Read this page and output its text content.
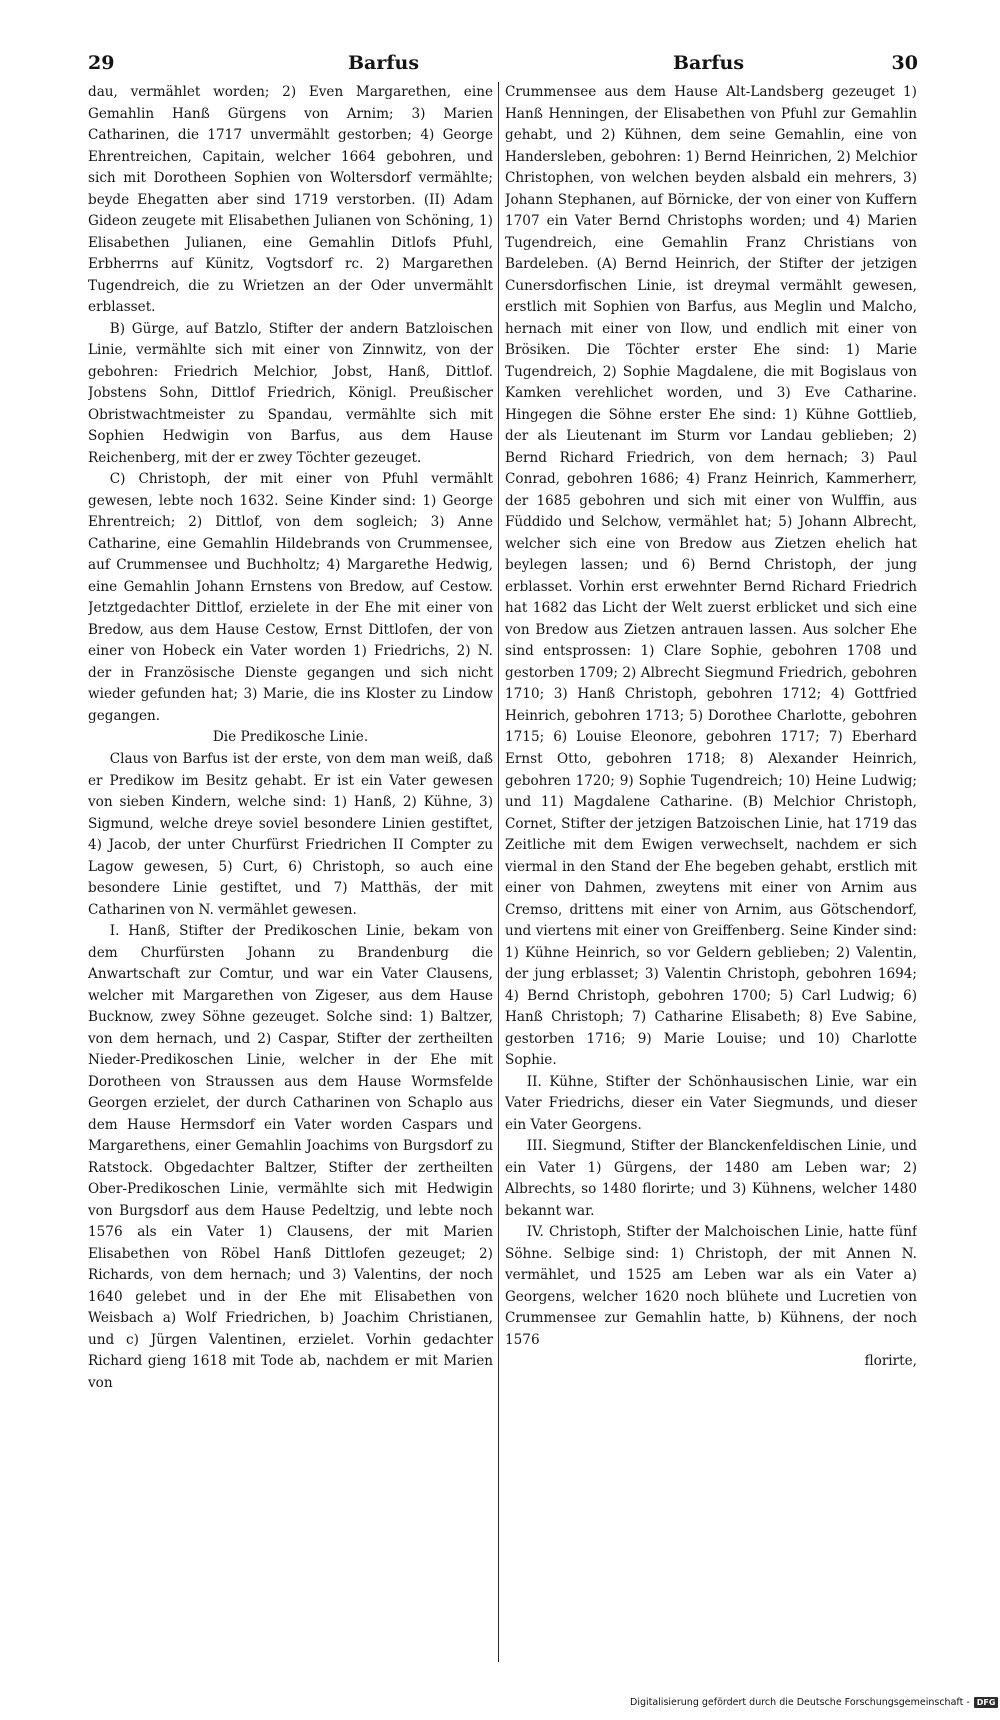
29	Barfus	Barfus	30

dau, vermählet worden; 2) Even Margarethen, eine Gemahlin Hanß Gürgens von Arnim; 3) Marien Catharinen, die 1717 unvermählt gestorben; 4) George Ehrentreichen, Capitain, welcher 1664 gebohren, und sich mit Dorotheen Sophien von Woltersdorf vermählte; beyde Ehegatten aber sind 1719 verstorben. (II) Adam Gideon zeugete mit Elisabethen Julianen von Schöning, 1) Elisabethen Julianen, eine Gemahlin Ditlofs Pfuhl, Erbherrns auf Künitz, Vogtsdorf rc. 2) Margarethen Tugendreich, die zu Wrietzen an der Oder unvermählt erblasset.

B) Gürge, auf Batzlo, Stifter der andern Batzloischen Linie, vermählte sich mit einer von Zinnwitz, von der gebohren: Friedrich Melchior, Jobst, Hanß, Dittlof. Jobstens Sohn, Dittlof Friedrich, Königl. Preußischer Obristwachtmeister zu Spandau, vermählte sich mit Sophien Hedwigin von Barfus, aus dem Hause Reichenberg, mit der er zwey Töchter gezeuget.

C) Christoph, der mit einer von Pfuhl vermählt gewesen, lebte noch 1632. Seine Kinder sind: 1) George Ehrentreich; 2) Dittlof, von dem sogleich; 3) Anne Catharine, eine Gemahlin Hildebrands von Crummensee, auf Crummensee und Buchholtz; 4) Margarethe Hedwig, eine Gemahlin Johann Ernstens von Bredow, auf Cestow. Jetztgedachter Dittlof, erzielete in der Ehe mit einer von Bredow, aus dem Hause Cestow, Ernst Dittlofen, der von einer von Hobeck ein Vater worden 1) Friedrichs, 2) N. der in Französische Dienste gegangen und sich nicht wieder gefunden hat; 3) Marie, die ins Kloster zu Lindow gegangen.

Die Predikosche Linie.

Claus von Barfus ist der erste, von dem man weiß, daß er Predikow im Besitz gehabt. Er ist ein Vater gewesen von sieben Kindern, welche sind: 1) Hanß, 2) Kühne, 3) Sigmund, welche dreye soviel besondere Linien gestiftet, 4) Jacob, der unter Churfürst Friedrichen II Compter zu Lagow gewesen, 5) Curt, 6) Christoph, so auch eine besondere Linie gestiftet, und 7) Matthäs, der mit Catharinen von N. vermählet gewesen.

I. Hanß, Stifter der Predikoschen Linie, bekam von dem Churfürsten Johann zu Brandenburg die Anwartschaft zur Comtur, und war ein Vater Clausens, welcher mit Margarethen von Zigeser, aus dem Hause Bucknow, zwey Söhne gezeuget. Solche sind: 1) Baltzer, von dem hernach, und 2) Caspar, Stifter der zertheilten Nieder-Predikoschen Linie, welcher in der Ehe mit Dorotheen von Straussen aus dem Hause Wormsfelde Georgen erzielet, der durch Catharinen von Schaplo aus dem Hause Hermsdorf ein Vater worden Caspars und Margarethens, einer Gemahlin Joachims von Burgsdorf zu Ratstock. Obgedachter Baltzer, Stifter der zertheilten Ober-Predikoschen Linie, vermählte sich mit Hedwigin von Burgsdorf aus dem Hause Pedeltzig, und lebte noch 1576 als ein Vater 1) Clausens, der mit Marien Elisabethen von Röbel Hanß Dittlofen gezeuget; 2) Richards, von dem hernach; und 3) Valentins, der noch 1640 gelebet und in der Ehe mit Elisabethen von Weisbach a) Wolf Friedrichen, b) Joachim Christianen, und c) Jürgen Valentinen, erzielet. Vorhin gedachter Richard gieng 1618 mit Tode ab, nachdem er mit Marien von

Crummensee aus dem Hause Alt-Landsberg gezeuget 1) Hanß Henningen, der Elisabethen von Pfuhl zur Gemahlin gehabt, und 2) Kühnen, dem seine Gemahlin, eine von Handersleben, gebohren: 1) Bernd Heinrichen, 2) Melchior Christophen, von welchen beyden alsbald ein mehrers, 3) Johann Stephanen, auf Börnicke, der von einer von Kuffern 1707 ein Vater Bernd Christophs worden; und 4) Marien Tugendreich, eine Gemahlin Franz Christians von Bardeleben. (A) Bernd Heinrich, der Stifter der jetzigen Cunersdorfischen Linie, ist dreymal vermählt gewesen, erstlich mit Sophien von Barfus, aus Meglin und Malcho, hernach mit einer von Ilow, und endlich mit einer von Brösiken. Die Töchter erster Ehe sind: 1) Marie Tugendreich, 2) Sophie Magdalene, die mit Bogislaus von Kamken verehlichet worden, und 3) Eve Catharine. Hingegen die Söhne erster Ehe sind: 1) Kühne Gottlieb, der als Lieutenant im Sturm vor Landau geblieben; 2) Bernd Richard Friedrich, von dem hernach; 3) Paul Conrad, gebohren 1686; 4) Franz Heinrich, Kammerherr, der 1685 gebohren und sich mit einer von Wulffin, aus Füddido und Selchow, vermählet hat; 5) Johann Albrecht, welcher sich eine von Bredow aus Zietzen ehelich hat beylegen lassen; und 6) Bernd Christoph, der jung erblasset. Vorhin erst erwehnter Bernd Richard Friedrich hat 1682 das Licht der Welt zuerst erblicket und sich eine von Bredow aus Zietzen antrauen lassen. Aus solcher Ehe sind entsprossen: 1) Clare Sophie, gebohren 1708 und gestorben 1709; 2) Albrecht Siegmund Friedrich, gebohren 1710; 3) Hanß Christoph, gebohren 1712; 4) Gottfried Heinrich, gebohren 1713; 5) Dorothee Charlotte, gebohren 1715; 6) Louise Eleonore, gebohren 1717; 7) Eberhard Ernst Otto, gebohren 1718; 8) Alexander Heinrich, gebohren 1720; 9) Sophie Tugendreich; 10) Heine Ludwig; und 11) Magdalene Catharine. (B) Melchior Christoph, Cornet, Stifter der jetzigen Batzoischen Linie, hat 1719 das Zeitliche mit dem Ewigen verwechselt, nachdem er sich viermal in den Stand der Ehe begeben gehabt, erstlich mit einer von Dahmen, zweytens mit einer von Arnim aus Cremso, drittens mit einer von Arnim, aus Götschendorf, und viertens mit einer von Greiffenberg. Seine Kinder sind: 1) Kühne Heinrich, so vor Geldern geblieben; 2) Valentin, der jung erblasset; 3) Valentin Christoph, gebohren 1694; 4) Bernd Christoph, gebohren 1700; 5) Carl Ludwig; 6) Hanß Christoph; 7) Catharine Elisabeth; 8) Eve Sabine, gestorben 1716; 9) Marie Louise; und 10) Charlotte Sophie.

II. Kühne, Stifter der Schönhausischen Linie, war ein Vater Friedrichs, dieser ein Vater Siegmunds, und dieser ein Vater Georgens.

III. Siegmund, Stifter der Blanckenfeldischen Linie, und ein Vater 1) Gürgens, der 1480 am Leben war; 2) Albrechts, so 1480 florirte; und 3) Kühnens, welcher 1480 bekannt war.

IV. Christoph, Stifter der Malchoischen Linie, hatte fünf Söhne. Selbige sind: 1) Christoph, der mit Annen N. vermählet, und 1525 am Leben war als ein Vater a) Georgens, welcher 1620 noch blühete und Lucretien von Crummensee zur Gemahlin hatte, b) Kühnens, der noch 1576

florirte,

Digitalisierung gefördert durch die Deutsche Forschungsgemeinschaft - DFG
